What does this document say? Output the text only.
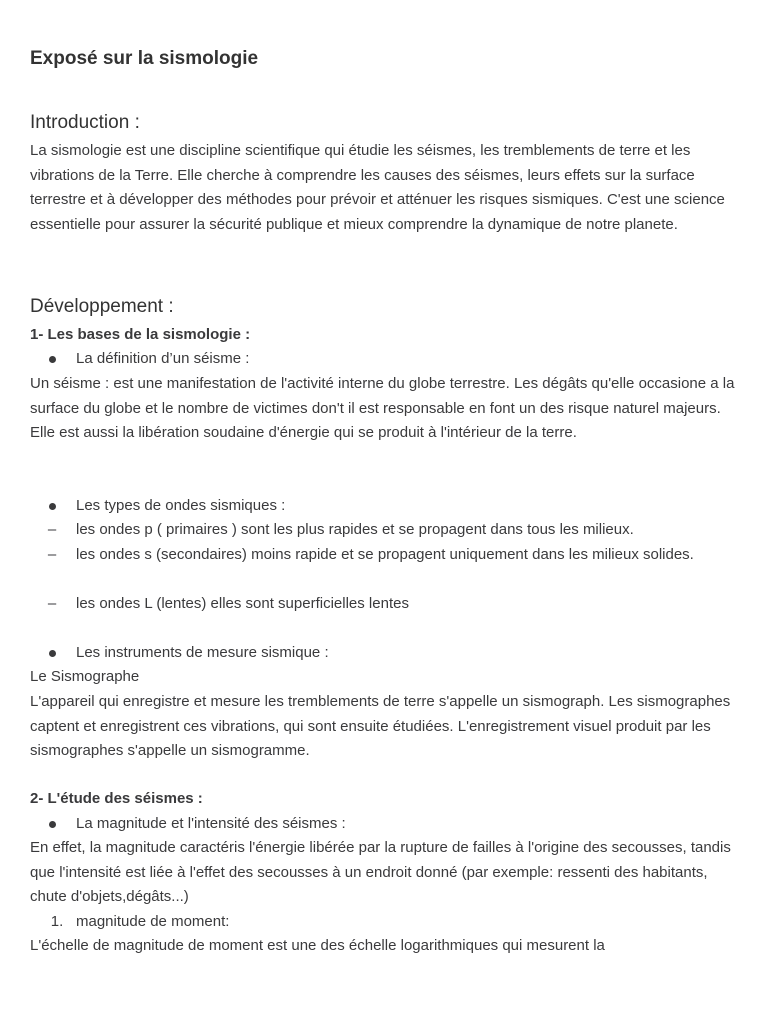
Exposé sur la sismologie
Introduction :

La sismologie est une discipline scientifique qui étudie les séismes, les tremblements de terre et les vibrations de la Terre. Elle cherche à comprendre les causes des séismes, leurs effets sur la surface terrestre et à développer des méthodes pour prévoir et atténuer les risques sismiques. C'est une science essentielle pour assurer la sécurité publique et mieux comprendre la dynamique de notre planete.

Développement :

1- Les bases de la sismologie :

La définition d’un séisme :

Un séisme : est une manifestation de l'activité interne du globe terrestre. Les dégâts qu'elle occasione a la surface du globe et le nombre de victimes don't il est responsable en font un des risque naturel majeurs. Elle est aussi la libération soudaine d'énergie qui se produit à l'intérieur de la terre.

Les types de ondes sismiques :
– les ondes p ( primaires ) sont les plus rapides et se propagent dans tous les milieux.
– les ondes s (secondaires) moins rapide et se propagent uniquement dans les milieux solides.
– les ondes L (lentes) elles sont superficielles lentes
Les instruments de mesure sismique :

Le Sismographe

L'appareil qui enregistre et mesure les tremblements de terre s'appelle un sismograph. Les sismographes captent et enregistrent ces vibrations, qui sont ensuite étudiées. L'enregistrement visuel produit par les sismographes s'appelle un sismogramme.

2- L'étude des séismes :

La magnitude et l'intensité des séismes :

En effet, la magnitude caractéris l'énergie libérée par la rupture de failles à l'origine des secousses, tandis que l'intensité est liée à l'effet des secousses à un endroit donné (par exemple: ressenti des habitants, chute d'objets,dégâts...)

1. magnitude de moment:

L'échelle de magnitude de moment est une des échelle logarithmiques qui mesurent la
